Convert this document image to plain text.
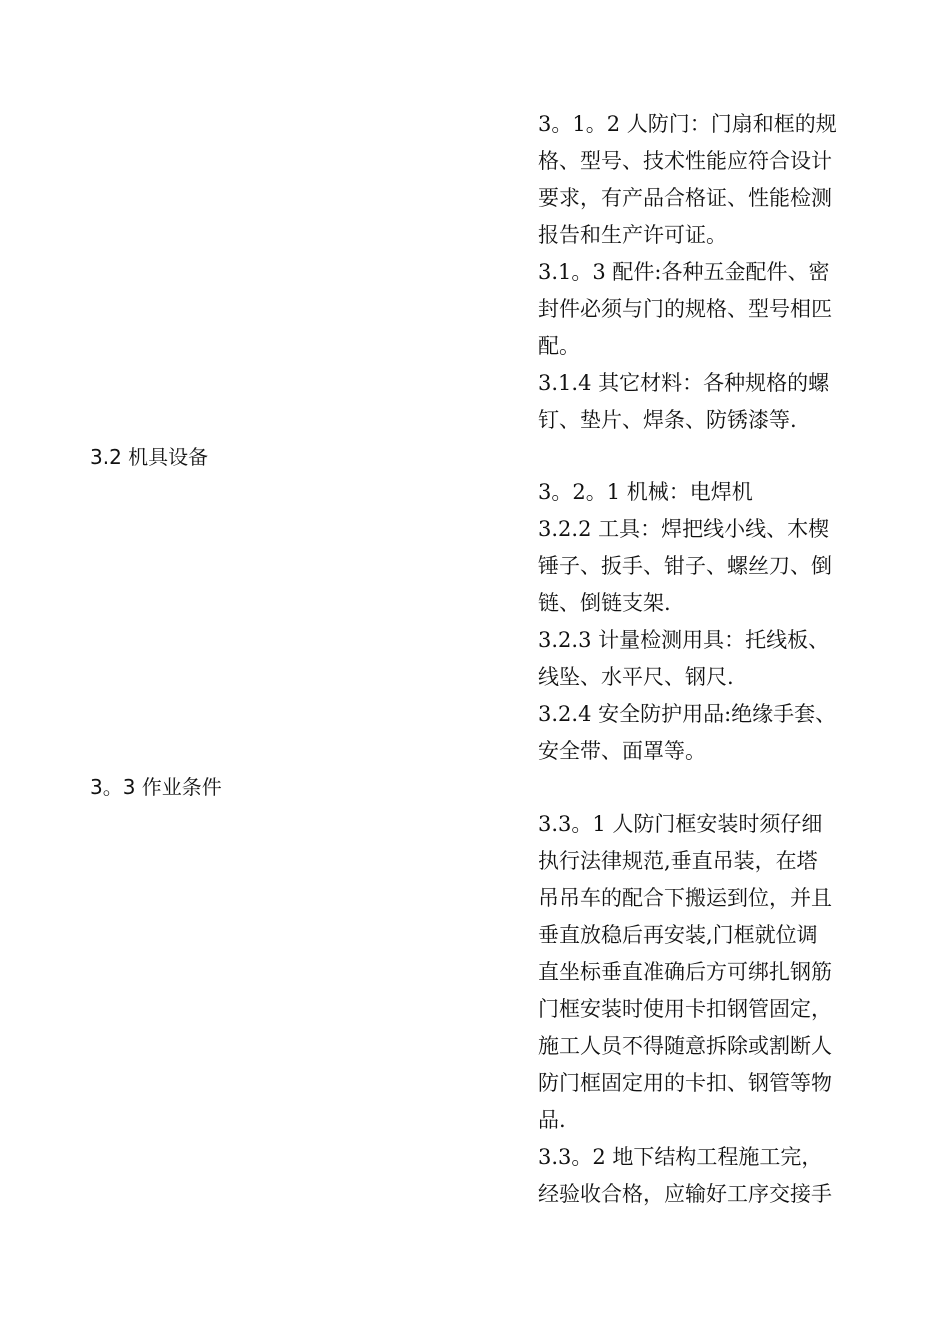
3。1。2 人防门：门扇和框的规
格、型号、技术性能应符合设计
要求，有产品合格证、性能检测
报告和生产许可证。
3.1。3 配件:各种五金配件、密
封件必须与门的规格、型号相匹
配。
3.1.4 其它材料：各种规格的螺
钉、垫片、焊条、防锈漆等.
3.2 机具设备
3。2。1 机械：电焊机
3.2.2 工具：焊把线小线、木楔
锤子、扳手、钳子、螺丝刀、倒
链、倒链支架.
3.2.3 计量检测用具：托线板、
线坠、水平尺、钢尺.
3.2.4 安全防护用品:绝缘手套、
安全带、面罩等。
3。3 作业条件
3.3。1 人防门框安装时须仔细
执行法律规范,垂直吊装，在塔
吊吊车的配合下搬运到位，并且
垂直放稳后再安装,门框就位调
直坐标垂直准确后方可绑扎钢筋
门框安装时使用卡扣钢管固定，
施工人员不得随意拆除或割断人
防门框固定用的卡扣、钢管等物
品.
3.3。2 地下结构工程施工完，
经验收合格，应输好工序交接手
